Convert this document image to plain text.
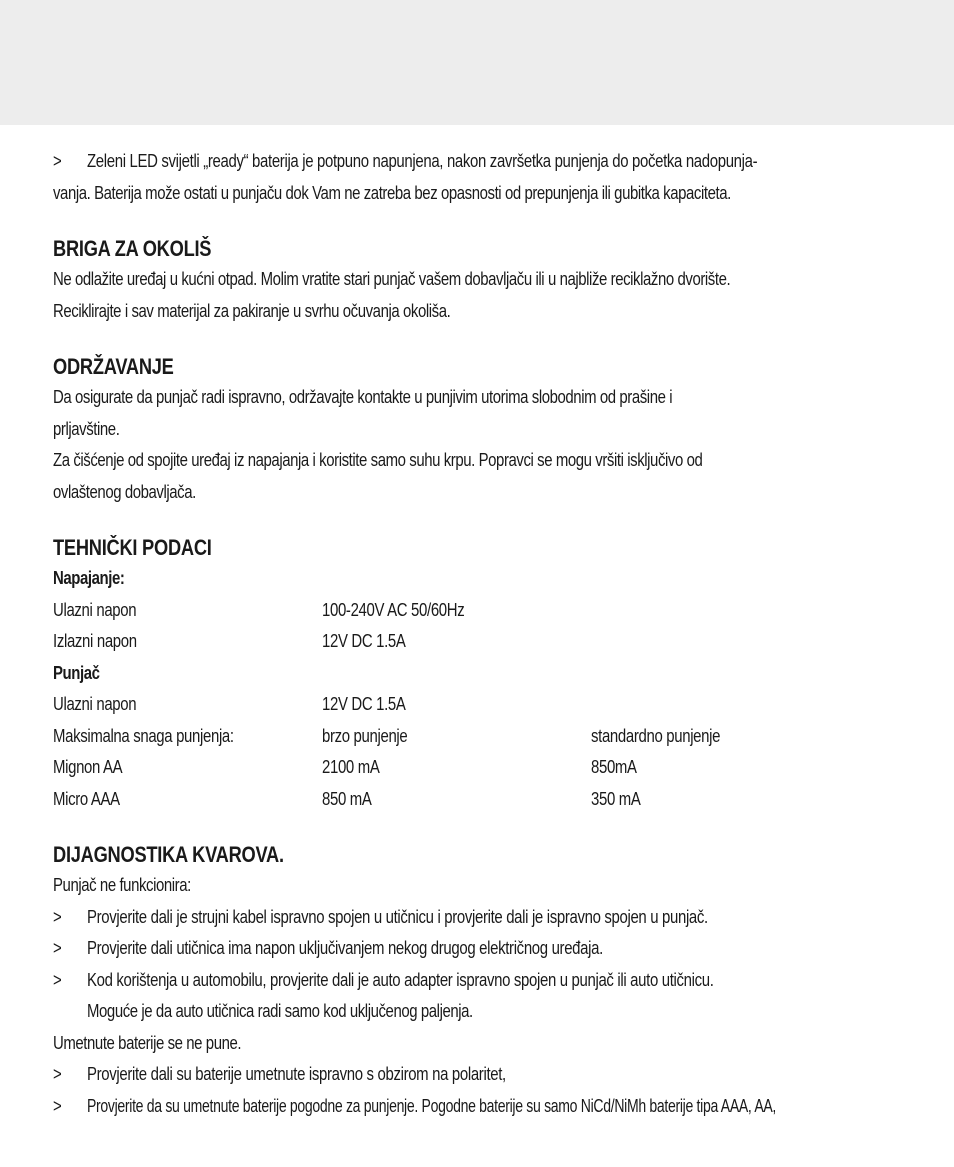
> Zeleni LED svijetli „ready“ baterija je potpuno napunjena, nakon završetka punjenja do početka nadopunja-
vanja. Baterija može ostati u punjaču dok Vam ne zatreba bez opasnosti od prepunjenja ili gubitka kapaciteta.
BRIGA ZA OKOLIŠ
Ne odlažite uređaj u kućni otpad. Molim vratite stari punjač vašem dobavljaču ili u najbliže reciklažno dvorište.
Reciklirajte i sav materijal za pakiranje u svrhu očuvanja okoliša.
ODRŽAVANJE
Da osigurate da punjač radi ispravno, održavajte kontakte u punjivim utorima slobodnim od prašine i
prljavštine.
Za čišćenje od spojite uređaj iz napajanja i koristite samo suhu krpu. Popravci se mogu vršiti isključivo od
ovlaštenog dobavljača.
TEHNIČKI PODACI
Napajanje:
Ulazni napon	100-240V AC 50/60Hz
Izlazni napon	12V DC 1.5A
Punjač
Ulazni napon	12V DC 1.5A
Maksimalna snaga punjenja:	brzo punjenje	standardno punjenje
Mignon AA	2100 mA	850mA
Micro AAA	850 mA	350 mA
DIJAGNOSTIKA KVAROVA.
Punjač ne funkcionira:
> Provjerite dali je strujni kabel ispravno spojen u utičnicu i provjerite dali je ispravno spojen u punjač.
> Provjerite dali utičnica ima napon uključivanjem nekog drugog električnog uređaja.
> Kod korištenja u automobilu, provjerite dali je auto adapter ispravno spojen u punjač ili auto utičnicu.
Moguće je da auto utičnica radi samo kod uključenog paljenja.
Umetnute baterije se ne pune.
> Provjerite dali su baterije umetnute ispravno s obzirom na polaritet,
> Provjerite da su umetnute baterije pogodne za punjenje. Pogodne baterije su samo NiCd/NiMh baterije tipa AAA, AA,
